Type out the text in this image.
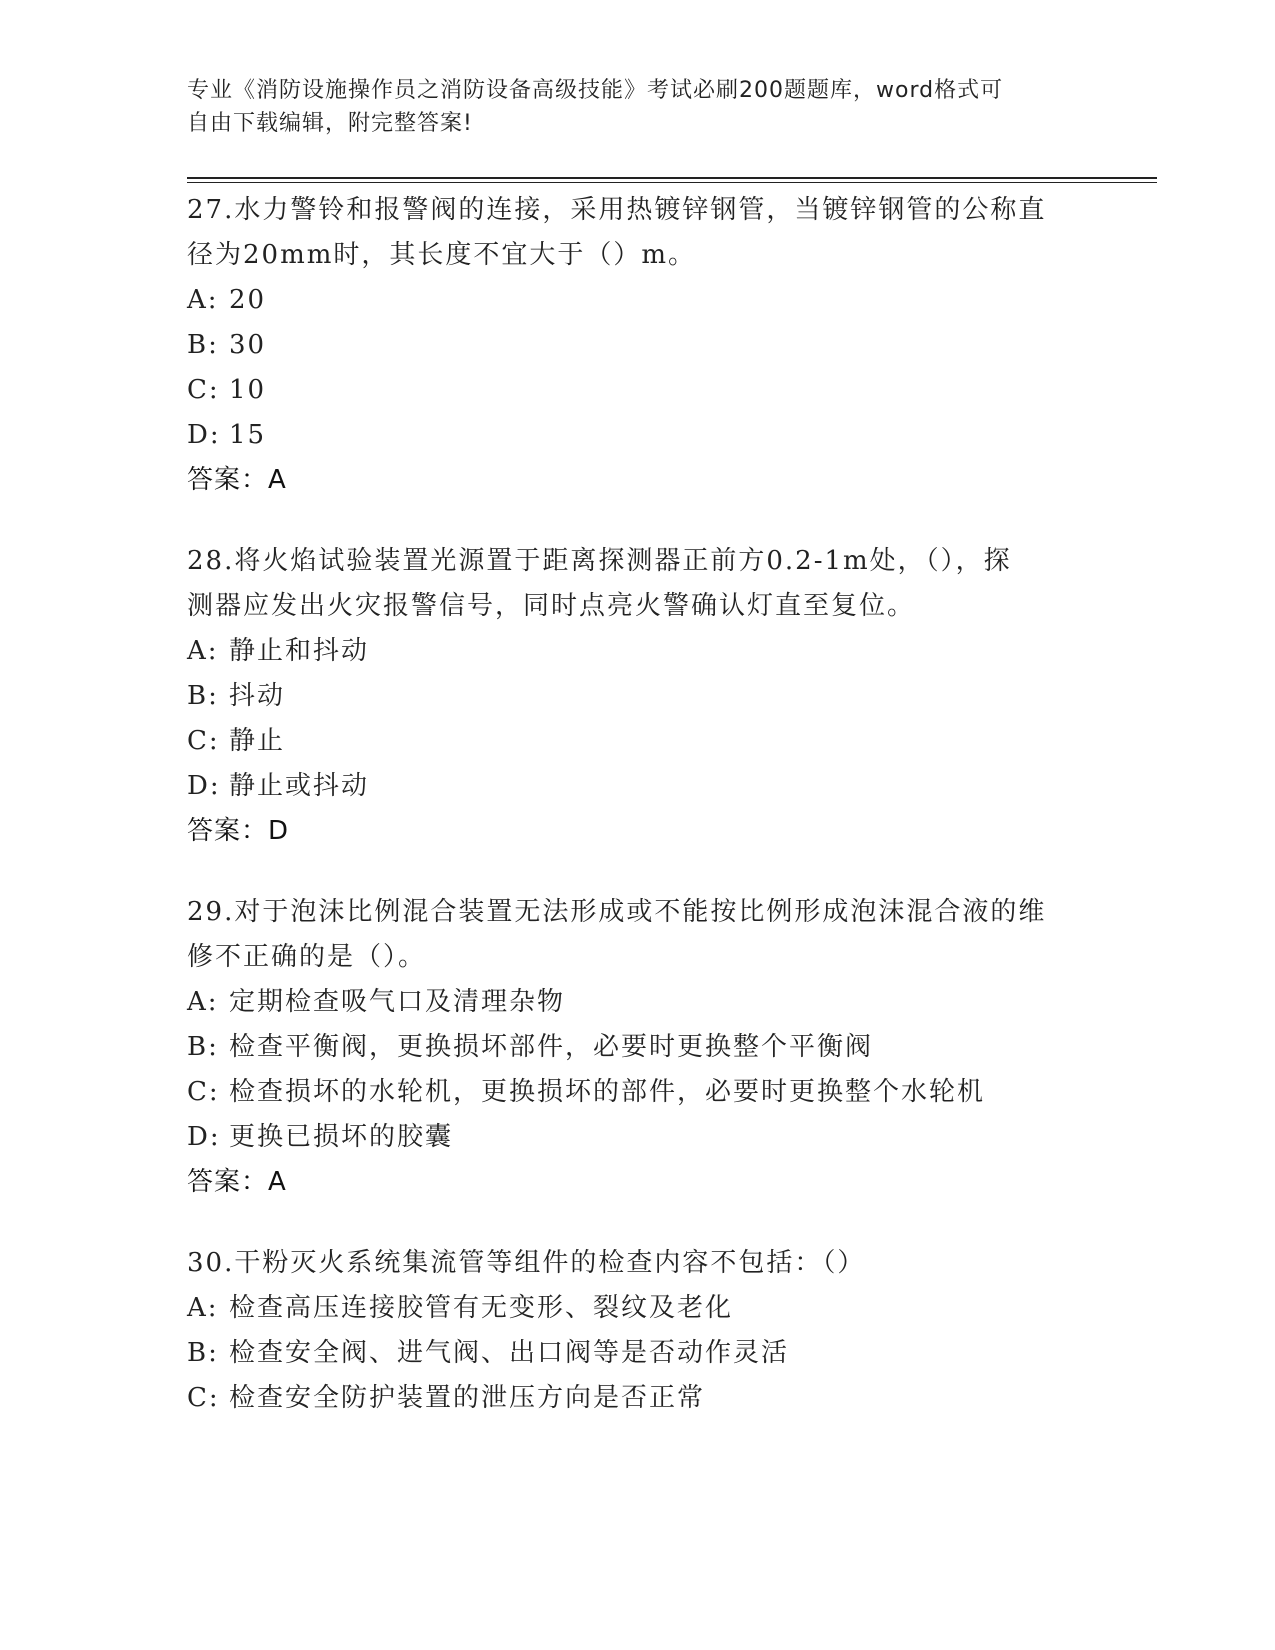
专业《消防设施操作员之消防设备高级技能》考试必刷200题题库，word格式可
自由下载编辑，附完整答案!
27.水力警铃和报警阀的连接，采用热镀锌钢管，当镀锌钢管的公称直
径为20mm时，其长度不宜大于（）m。
A: 20
B: 30
C: 10
D: 15
答案：A
28.将火焰试验装置光源置于距离探测器正前方0.2-1m处，（），探
测器应发出火灾报警信号，同时点亮火警确认灯直至复位。
A: 静止和抖动
B: 抖动
C: 静止
D: 静止或抖动
答案：D
29.对于泡沫比例混合装置无法形成或不能按比例形成泡沫混合液的维
修不正确的是（）。
A: 定期检查吸气口及清理杂物
B: 检查平衡阀，更换损坏部件，必要时更换整个平衡阀
C: 检查损坏的水轮机，更换损坏的部件，必要时更换整个水轮机
D: 更换已损坏的胶囊
答案：A
30.干粉灭火系统集流管等组件的检查内容不包括：（）
A: 检查高压连接胶管有无变形、裂纹及老化
B: 检查安全阀、进气阀、出口阀等是否动作灵活
C: 检查安全防护装置的泄压方向是否正常
